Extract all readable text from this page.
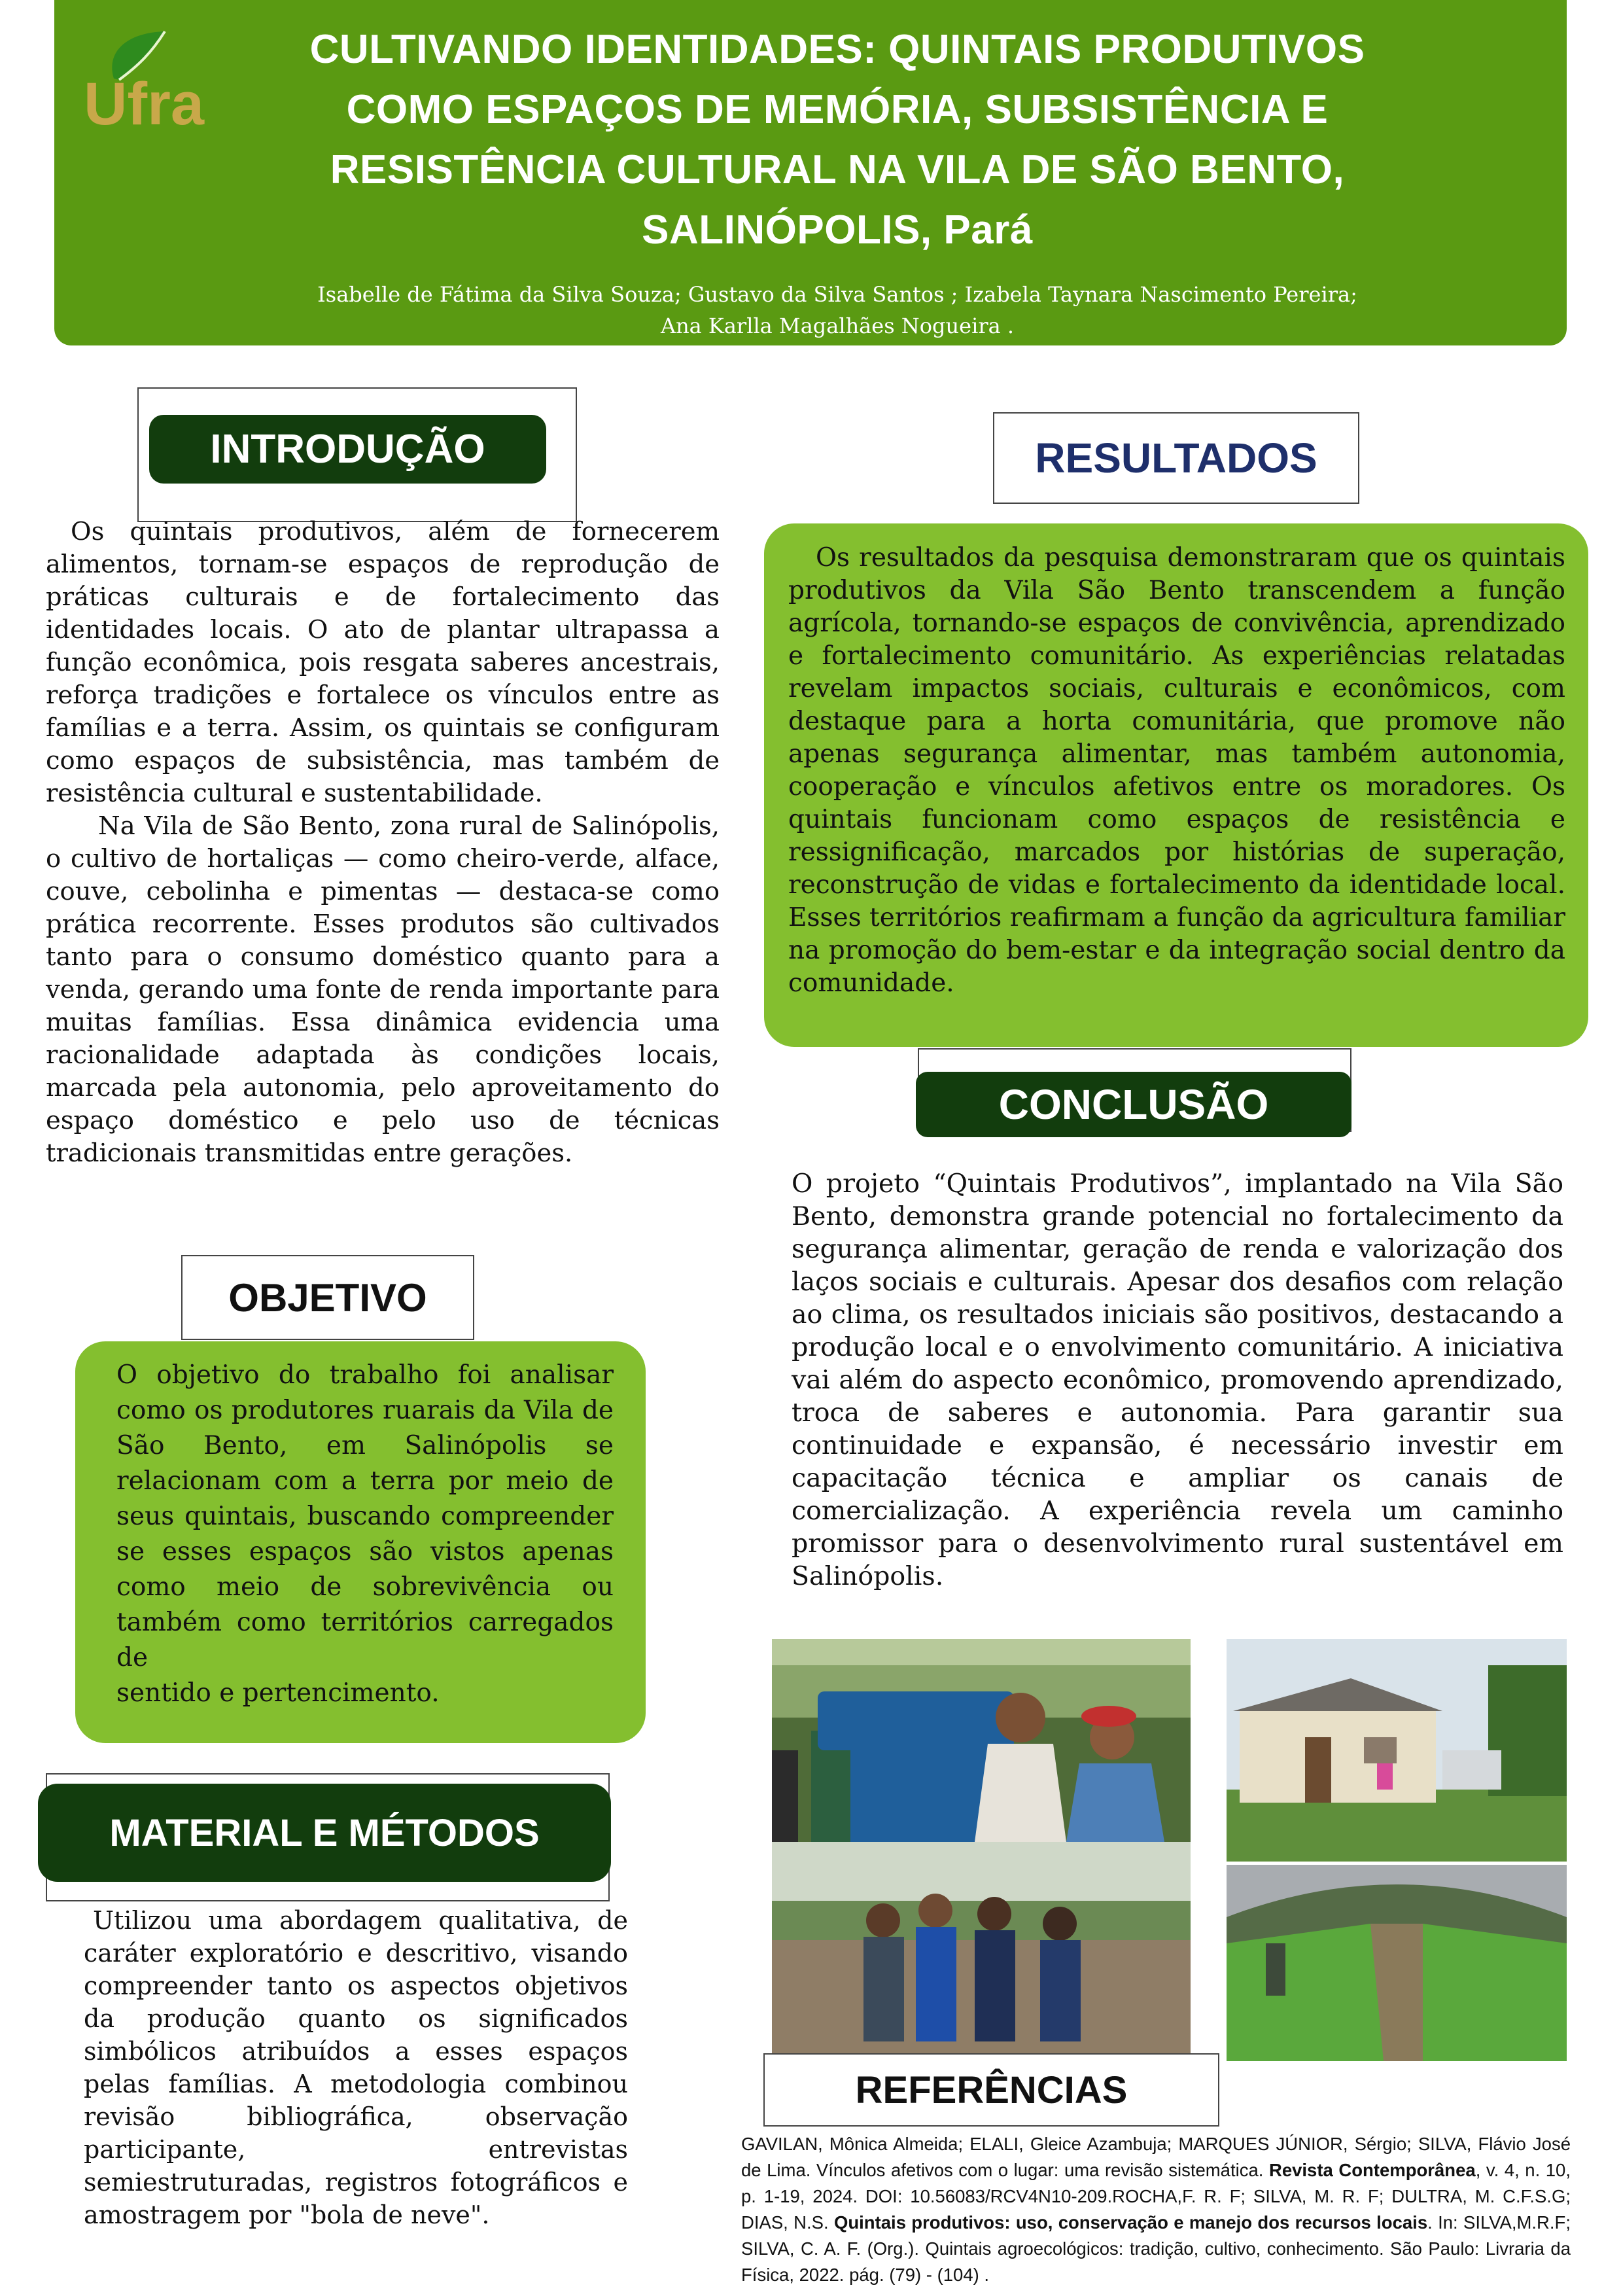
Ufra
CULTIVANDO IDENTIDADES: QUINTAIS PRODUTIVOS
COMO ESPAÇOS DE MEMÓRIA, SUBSISTÊNCIA E
RESISTÊNCIA CULTURAL NA VILA DE SÃO BENTO,
SALINÓPOLIS, Pará
Isabelle de Fátima da Silva Souza; Gustavo da Silva Santos ; Izabela Taynara Nascimento Pereira;
Ana Karlla Magalhães Nogueira .
INTRODUÇÃO
Os quintais produtivos, além de fornecerem alimentos, tornam-se espaços de reprodução de práticas culturais e de fortalecimento das identidades locais. O ato de plantar ultrapassa a função econômica, pois resgata saberes ancestrais, reforça tradições e fortalece os vínculos entre as famílias e a terra. Assim, os quintais se configuram como espaços de subsistência, mas também de resistência cultural e sustentabilidade.
Na Vila de São Bento, zona rural de Salinópolis, o cultivo de hortaliças — como cheiro-verde, alface, couve, cebolinha e pimentas — destaca-se como prática recorrente. Esses produtos são cultivados tanto para o consumo doméstico quanto para a venda, gerando uma fonte de renda importante para muitas famílias. Essa dinâmica evidencia uma racionalidade adaptada às condições locais, marcada pela autonomia, pelo aproveitamento do espaço doméstico e pelo uso de técnicas tradicionais transmitidas entre gerações.
OBJETIVO
O objetivo do trabalho foi analisar como os produtores ruarais da Vila de São Bento, em Salinópolis se relacionam com a terra por meio de seus quintais, buscando compreender se esses espaços são vistos apenas como meio de sobrevivência ou também como territórios carregados de
sentido e pertencimento.
MATERIAL E MÉTODOS
Utilizou uma abordagem qualitativa, de caráter exploratório e descritivo, visando compreender tanto os aspectos objetivos da produção quanto os significados simbólicos atribuídos a esses espaços pelas famílias. A metodologia combinou revisão bibliográfica, observação participante, entrevistas semiestruturadas, registros fotográficos e amostragem por "bola de neve".
RESULTADOS
Os resultados da pesquisa demonstraram que os quintais produtivos da Vila São Bento transcendem a função agrícola, tornando-se espaços de convivência, aprendizado e fortalecimento comunitário. As experiências relatadas revelam impactos sociais, culturais e econômicos, com destaque para a horta comunitária, que promove não apenas segurança alimentar, mas também autonomia, cooperação e vínculos afetivos entre os moradores. Os quintais funcionam como espaços de resistência e ressignificação, marcados por histórias de superação, reconstrução de vidas e fortalecimento da identidade local. Esses territórios reafirmam a função da agricultura familiar na promoção do bem-estar e da integração social dentro da comunidade.
CONCLUSÃO
O projeto “Quintais Produtivos”, implantado na Vila São Bento, demonstra grande potencial no fortalecimento da segurança alimentar, geração de renda e valorização dos laços sociais e culturais. Apesar dos desafios com relação ao clima, os resultados iniciais são positivos, destacando a produção local e o envolvimento comunitário. A iniciativa vai além do aspecto econômico, promovendo aprendizado, troca de saberes e autonomia. Para garantir sua continuidade e expansão, é necessário investir em capacitação técnica e ampliar os canais de comercialização. A experiência revela um caminho promissor para o desenvolvimento rural sustentável em Salinópolis.
REFERÊNCIAS
GAVILAN, Mônica Almeida; ELALI, Gleice Azambuja; MARQUES JÚNIOR, Sérgio; SILVA, Flávio José de Lima. Vínculos afetivos com o lugar: uma revisão sistemática. Revista Contemporânea, v. 4, n. 10, p. 1-19, 2024. DOI: 10.56083/RCV4N10-209.ROCHA,F. R. F; SILVA, M. R. F; DULTRA, M. C.F.S.G; DIAS, N.S. Quintais produtivos: uso, conservação e manejo dos recursos locais. In: SILVA,M.R.F; SILVA, C. A. F. (Org.). Quintais agroecológicos: tradição, cultivo, conhecimento. São Paulo: Livraria da Física, 2022. pág. (79) - (104) .
